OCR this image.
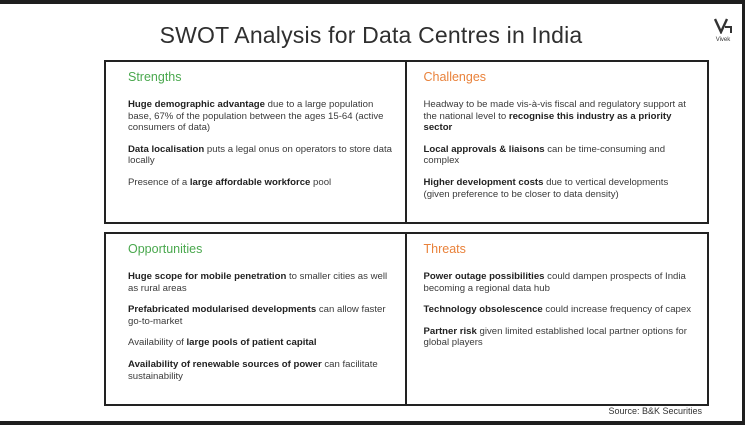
SWOT Analysis for Data Centres in India	Vivek
Strengths
Huge demographic advantage due to a large population base, 67% of the population between the ages 15-64 (active consumers of data)
Data localisation puts a legal onus on operators to store data locally
Presence of a large affordable workforce pool
Challenges
Headway to be made vis-à-vis fiscal and regulatory support at the national level to recognise this industry as a priority sector
Local approvals & liaisons can be time-consuming and complex
Higher development costs due to vertical developments (given preference to be closer to data density)
Opportunities
Huge scope for mobile penetration to smaller cities as well as rural areas
Prefabricated modularised developments can allow faster go-to-market
Availability of large pools of patient capital
Availability of renewable sources of power can facilitate sustainability
Threats
Power outage possibilities could dampen prospects of India becoming a regional data hub
Technology obsolescence could increase frequency of capex
Partner risk given limited established local partner options for global players
Source: B&K Securities
